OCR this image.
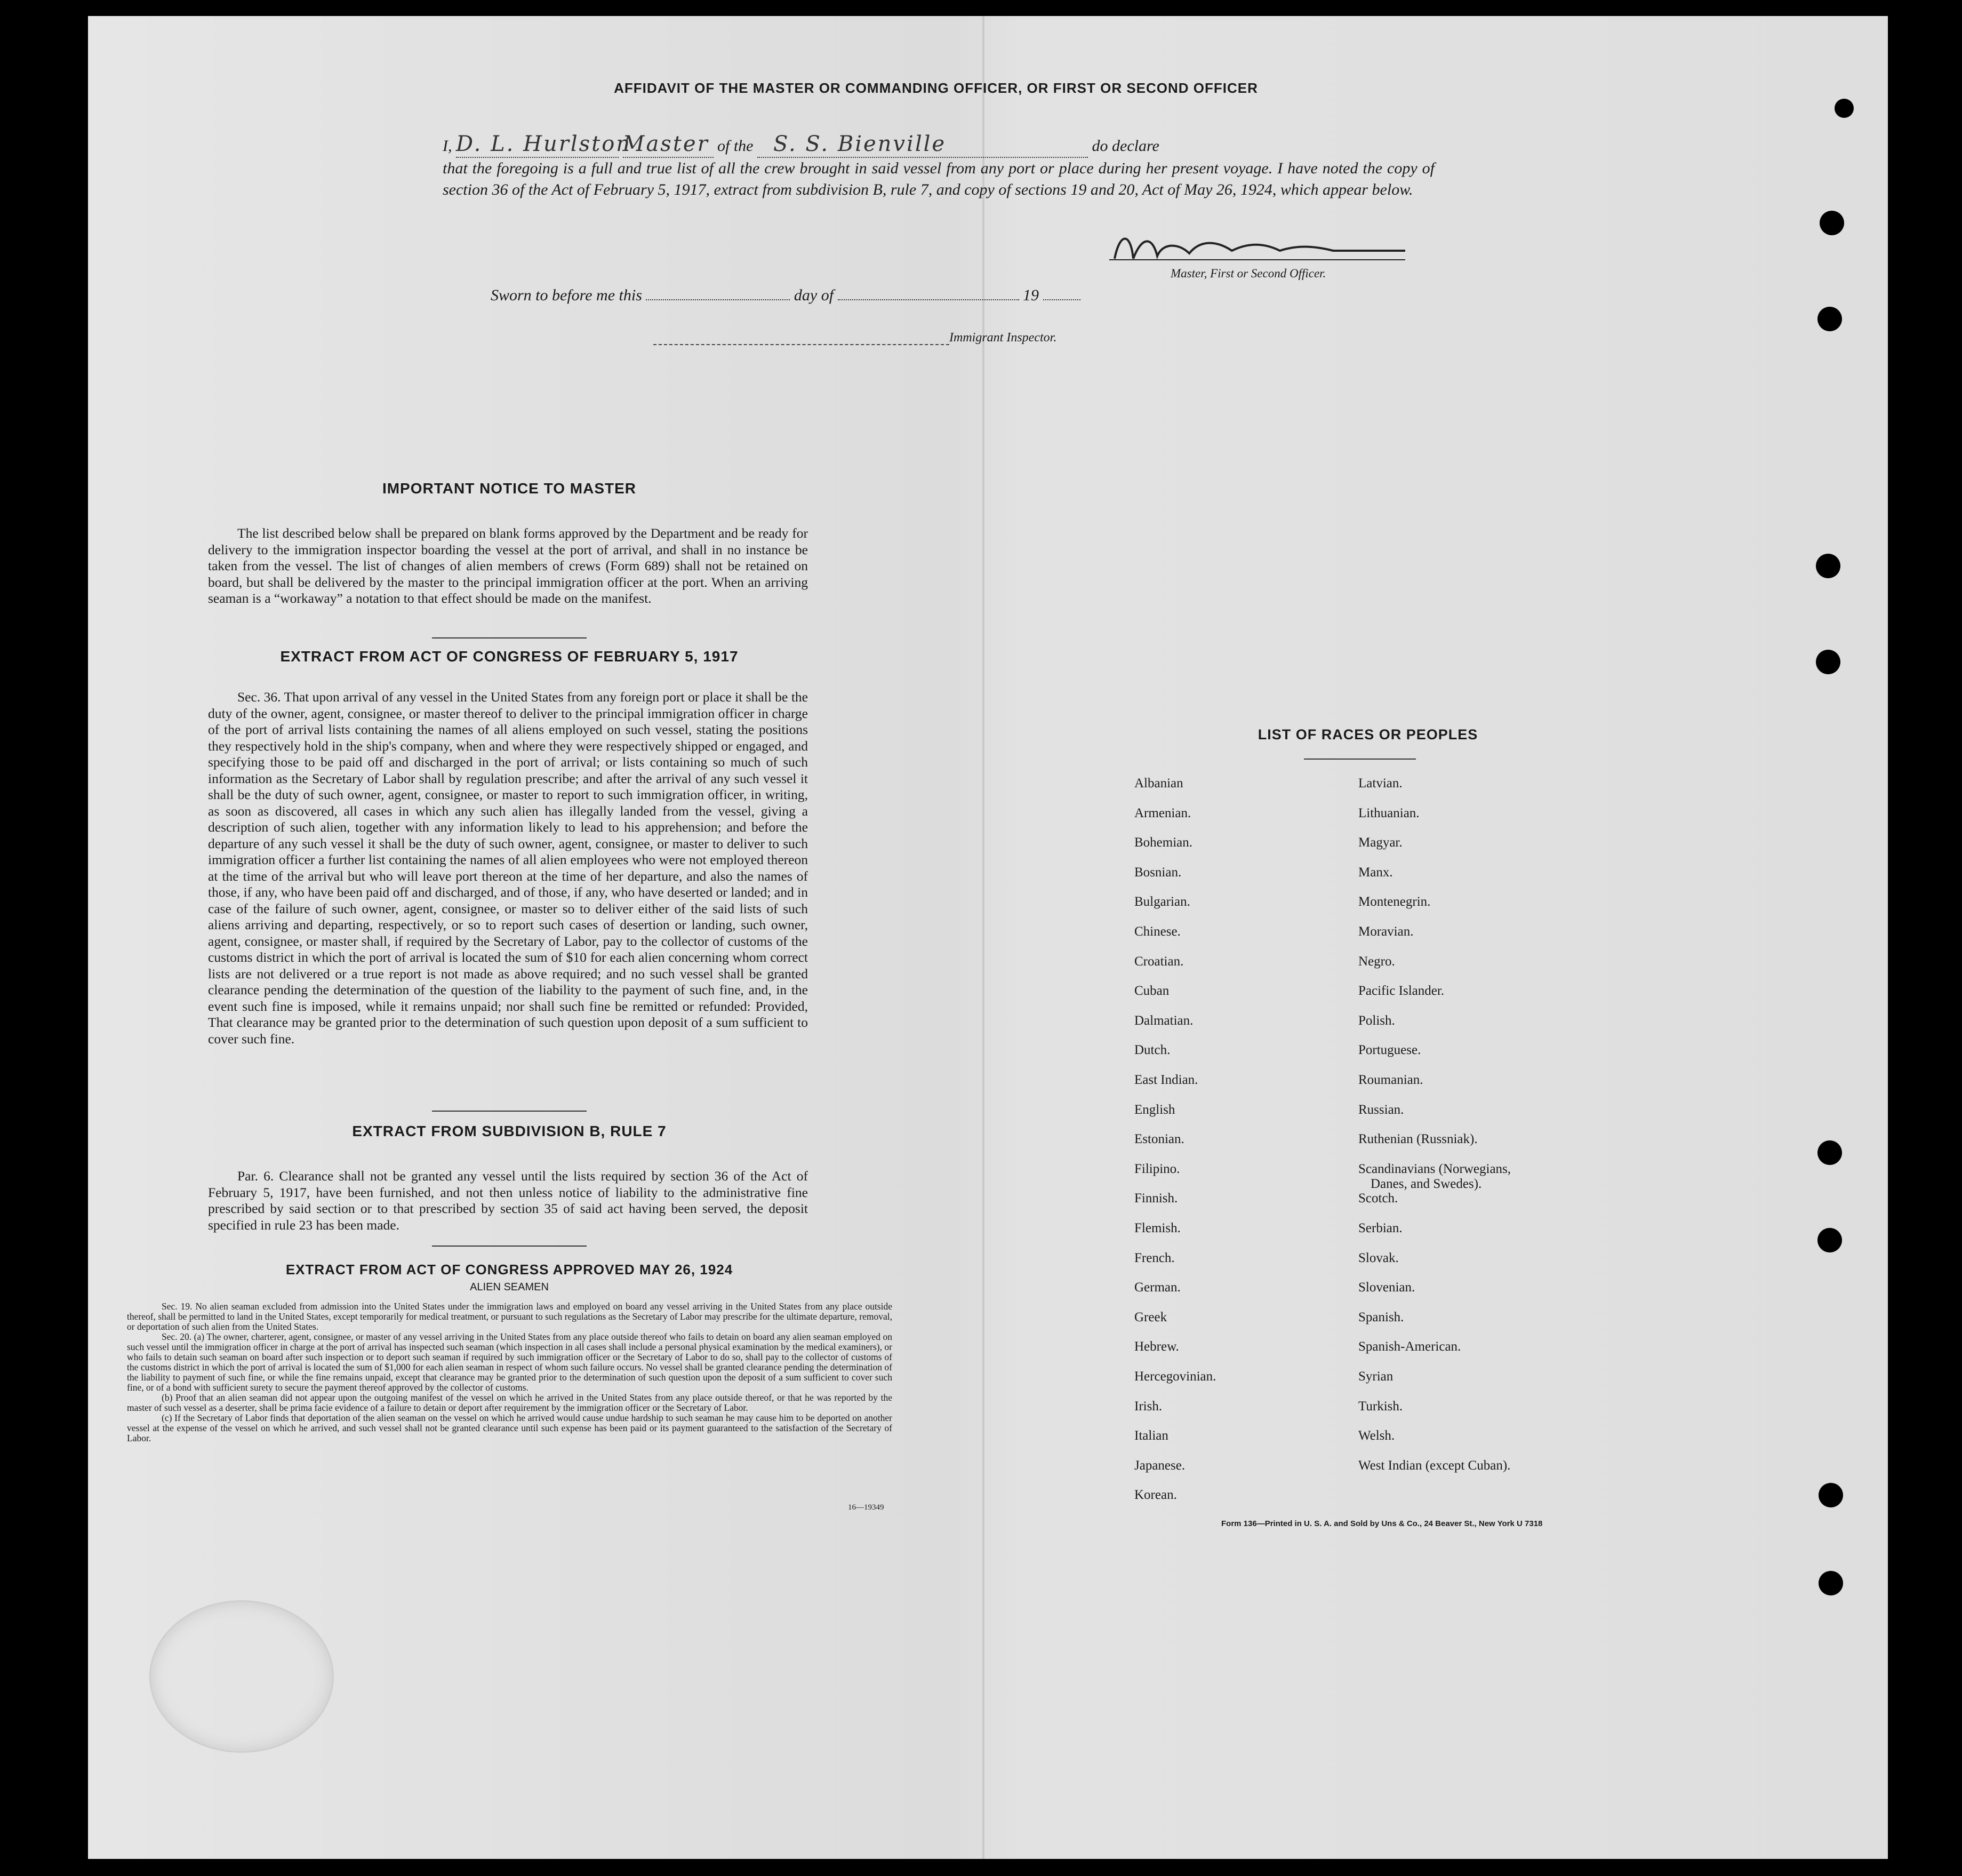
AFFIDAVIT OF THE MASTER OR COMMANDING OFFICER, OR FIRST OR SECOND OFFICER
I, D. L. Hurlston Master of the S. S. Bienville	do declare
that the foregoing is a full and true list of all the crew brought in said vessel from any port or place during her present voyage. I have noted the copy of section 36 of the Act of February 5, 1917, extract from subdivision B, rule 7, and copy of sections 19 and 20, Act of May 26, 1924, which appear below.
Master, First or Second Officer.
Sworn to before me this	day of	19
Immigrant Inspector.
IMPORTANT NOTICE TO MASTER
The list described below shall be prepared on blank forms approved by the Department and be ready for delivery to the immigration inspector boarding the vessel at the port of arrival, and shall in no instance be taken from the vessel. The list of changes of alien members of crews (Form 689) shall not be retained on board, but shall be delivered by the master to the principal immigration officer at the port. When an arriving seaman is a “workaway” a notation to that effect should be made on the manifest.
EXTRACT FROM ACT OF CONGRESS OF FEBRUARY 5, 1917
Sec. 36. That upon arrival of any vessel in the United States from any foreign port or place it shall be the duty of the owner, agent, consignee, or master thereof to deliver to the principal immigration officer in charge of the port of arrival lists containing the names of all aliens employed on such vessel, stating the positions they respectively hold in the ship's company, when and where they were respectively shipped or engaged, and specifying those to be paid off and discharged in the port of arrival; or lists containing so much of such information as the Secretary of Labor shall by regulation prescribe; and after the arrival of any such vessel it shall be the duty of such owner, agent, consignee, or master to report to such immigration officer, in writing, as soon as discovered, all cases in which any such alien has illegally landed from the vessel, giving a description of such alien, together with any information likely to lead to his apprehension; and before the departure of any such vessel it shall be the duty of such owner, agent, consignee, or master to deliver to such immigration officer a further list containing the names of all alien employees who were not employed thereon at the time of the arrival but who will leave port thereon at the time of her departure, and also the names of those, if any, who have been paid off and discharged, and of those, if any, who have deserted or landed; and in case of the failure of such owner, agent, consignee, or master so to deliver either of the said lists of such aliens arriving and departing, respectively, or so to report such cases of desertion or landing, such owner, agent, consignee, or master shall, if required by the Secretary of Labor, pay to the collector of customs of the customs district in which the port of arrival is located the sum of $10 for each alien concerning whom correct lists are not delivered or a true report is not made as above required; and no such vessel shall be granted clearance pending the determination of the question of the liability to the payment of such fine, and, in the event such fine is imposed, while it remains unpaid; nor shall such fine be remitted or refunded: Provided, That clearance may be granted prior to the determination of such question upon deposit of a sum sufficient to cover such fine.
EXTRACT FROM SUBDIVISION B, RULE 7
Par. 6. Clearance shall not be granted any vessel until the lists required by section 36 of the Act of February 5, 1917, have been furnished, and not then unless notice of liability to the administrative fine prescribed by said section or to that prescribed by section 35 of said act having been served, the deposit specified in rule 23 has been made.
EXTRACT FROM ACT OF CONGRESS APPROVED MAY 26, 1924
ALIEN SEAMEN
Sec. 19. No alien seaman excluded from admission into the United States under the immigration laws and employed on board any vessel arriving in the United States from any place outside thereof, shall be permitted to land in the United States, except temporarily for medical treatment, or pursuant to such regulations as the Secretary of Labor may prescribe for the ultimate departure, removal, or deportation of such alien from the United States.
Sec. 20. (a) The owner, charterer, agent, consignee, or master of any vessel arriving in the United States from any place outside thereof who fails to detain on board any alien seaman employed on such vessel until the immigration officer in charge at the port of arrival has inspected such seaman (which inspection in all cases shall include a personal physical examination by the medical examiners), or who fails to detain such seaman on board after such inspection or to deport such seaman if required by such immigration officer or the Secretary of Labor to do so, shall pay to the collector of customs of the customs district in which the port of arrival is located the sum of $1,000 for each alien seaman in respect of whom such failure occurs. No vessel shall be granted clearance pending the determination of the liability to payment of such fine, or while the fine remains unpaid, except that clearance may be granted prior to the determination of such question upon the deposit of a sum sufficient to cover such fine, or of a bond with sufficient surety to secure the payment thereof approved by the collector of customs.
(b) Proof that an alien seaman did not appear upon the outgoing manifest of the vessel on which he arrived in the United States from any place outside thereof, or that he was reported by the master of such vessel as a deserter, shall be prima facie evidence of a failure to detain or deport after requirement by the immigration officer or the Secretary of Labor.
(c) If the Secretary of Labor finds that deportation of the alien seaman on the vessel on which he arrived would cause undue hardship to such seaman he may cause him to be deported on another vessel at the expense of the vessel on which he arrived, and such vessel shall not be granted clearance until such expense has been paid or its payment guaranteed to the satisfaction of the Secretary of Labor.
16—19349
LIST OF RACES OR PEOPLES
Albanian
Armenian.
Bohemian.
Bosnian.
Bulgarian.
Chinese.
Croatian.
Cuban
Dalmatian.
Dutch.
East Indian.
English
Estonian.
Filipino.
Finnish.
Flemish.
French.
German.
Greek
Hebrew.
Hercegovinian.
Irish.
Italian
Japanese.
Korean.
Latvian.
Lithuanian.
Magyar.
Manx.
Montenegrin.
Moravian.
Negro.
Pacific Islander.
Polish.
Portuguese.
Roumanian.
Russian.
Ruthenian (Russniak).
Scandinavians (Norwegians,
Danes, and Swedes).
Scotch.
Serbian.
Slovak.
Slovenian.
Spanish.
Spanish-American.
Syrian
Turkish.
Welsh.
West Indian (except Cuban).
Form 136—Printed in U. S. A. and Sold by Uns & Co., 24 Beaver St., New York U 7318
